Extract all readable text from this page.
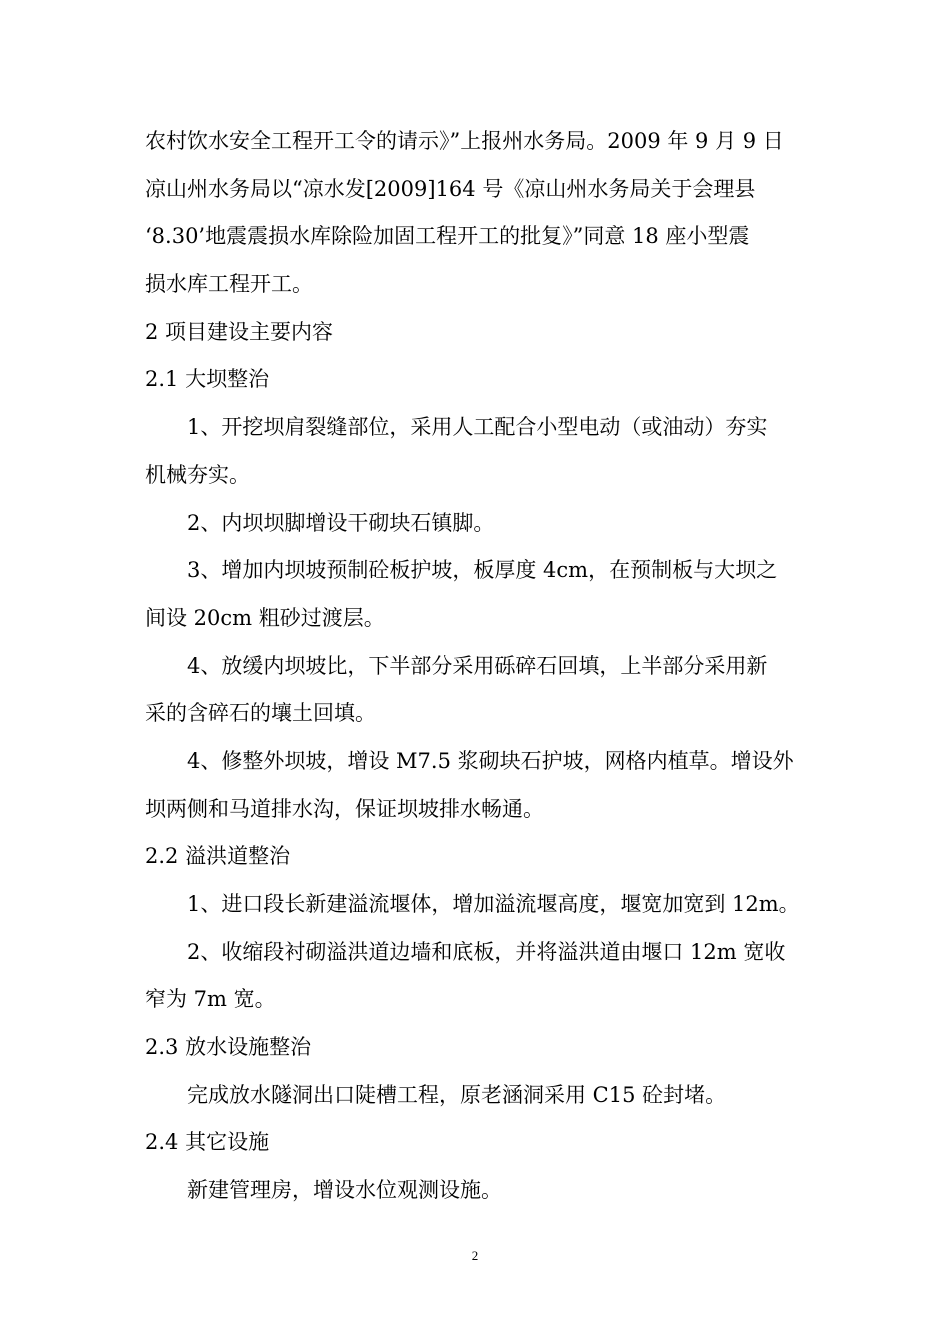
农村饮水安全工程开工令的请示》”上报州水务局。2009 年 9 月 9 日
凉山州水务局以“凉水发[2009]164 号《凉山州水务局关于会理县
‘8.30’地震震损水库除险加固工程开工的批复》”同意 18 座小型震
损水库工程开工。
2 项目建设主要内容
2.1 大坝整治
1、开挖坝肩裂缝部位，采用人工配合小型电动（或油动）夯实
机械夯实。
2、内坝坝脚增设干砌块石镇脚。
3、增加内坝坡预制砼板护坡，板厚度 4cm，在预制板与大坝之
间设 20cm 粗砂过渡层。
4、放缓内坝坡比，下半部分采用砾碎石回填，上半部分采用新
采的含碎石的壤土回填。
4、修整外坝坡，增设 M7.5 浆砌块石护坡，网格内植草。增设外
坝两侧和马道排水沟，保证坝坡排水畅通。
2.2 溢洪道整治
1、进口段长新建溢流堰体，增加溢流堰高度，堰宽加宽到 12m。
2、收缩段衬砌溢洪道边墙和底板，并将溢洪道由堰口 12m 宽收
窄为 7m 宽。
2.3 放水设施整治
完成放水隧洞出口陡槽工程，原老涵洞采用 C15 砼封堵。
2.4 其它设施
新建管理房，增设水位观测设施。
2
